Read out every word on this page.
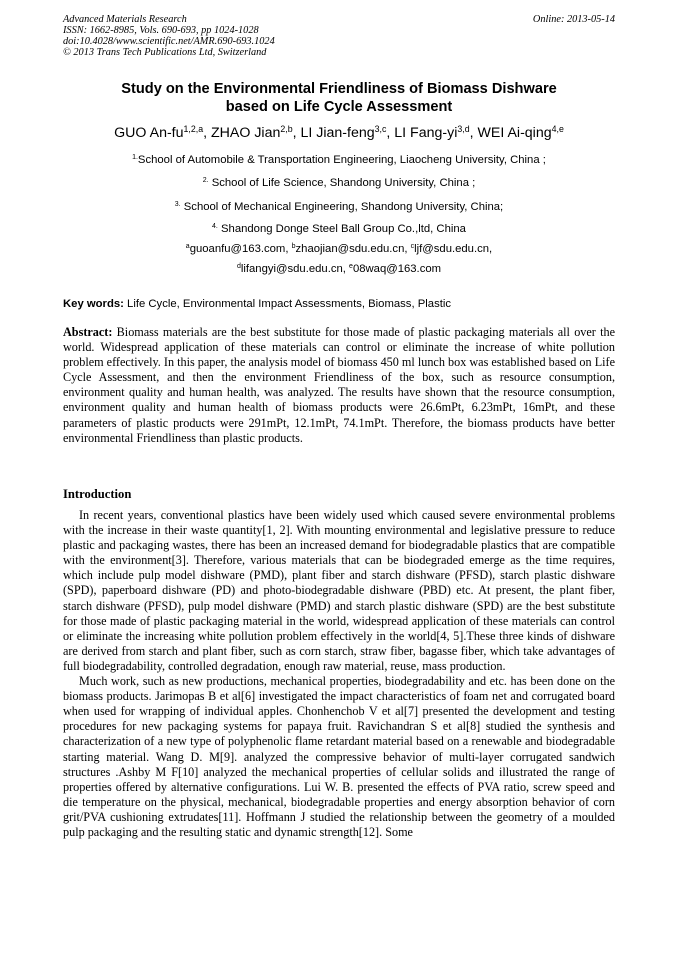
Advanced Materials Research
ISSN: 1662-8985, Vols. 690-693, pp 1024-1028
doi:10.4028/www.scientific.net/AMR.690-693.1024
© 2013 Trans Tech Publications Ltd, Switzerland
Online: 2013-05-14
Study on the Environmental Friendliness of Biomass Dishware
based on Life Cycle Assessment
GUO An-fu$^{1,2,a}$, ZHAO Jian$^{2,b}$, LI Jian-feng$^{3,c}$, LI Fang-yi$^{3,d}$, WEI Ai-qing$^{4,e}$
$^{1.}$School of Automobile & Transportation Engineering, Liaocheng University, China ;
$^{2.}$ School of Life Science, Shandong University, China ;
$^{3.}$ School of Mechanical Engineering, Shandong University, China;
$^{4.}$ Shandong Donge Steel Ball Group Co.,ltd, China
$^a$guoanfu@163.com, $^b$zhaojian@sdu.edu.cn, $^c$ljf@sdu.edu.cn,
$^d$lifangyi@sdu.edu.cn, $^e$08waq@163.com
Key words: Life Cycle, Environmental Impact Assessments, Biomass, Plastic

Abstract: Biomass materials are the best substitute for those made of plastic packaging materials all over the world. Widespread application of these materials can control or eliminate the increase of white pollution problem effectively. In this paper, the analysis model of biomass 450 ml lunch box was established based on Life Cycle Assessment, and then the environment Friendliness of the box, such as resource consumption, environment quality and human health, was analyzed. The results have shown that the resource consumption, environment quality and human health of biomass products were 26.6mPt, 6.23mPt, 16mPt, and these parameters of plastic products were 291mPt, 12.1mPt, 74.1mPt. Therefore, the biomass products have better environmental Friendliness than plastic products.

Introduction

In recent years, conventional plastics have been widely used which caused severe environmental problems with the increase in their waste quantity[1, 2]. With mounting environmental and legislative pressure to reduce plastic and packaging wastes, there has been an increased demand for biodegradable plastics that are compatible with the environment[3]. Therefore, various materials that can be biodegraded emerge as the time requires, which include pulp model dishware (PMD), plant fiber and starch dishware (PFSD), starch plastic dishware (SPD), paperboard dishware (PD) and photo-biodegradable dishware (PBD) etc. At present, the plant fiber, starch dishware (PFSD), pulp model dishware (PMD) and starch plastic dishware (SPD) are the best substitute for those made of plastic packaging material in the world, widespread application of these materials can control or eliminate the increasing white pollution problem effectively in the world[4, 5].These three kinds of dishware are derived from starch and plant fiber, such as corn starch, straw fiber, bagasse fiber, which take advantages of full biodegradability, controlled degradation, enough raw material, reuse, mass production.

Much work, such as new productions, mechanical properties, biodegradability and etc. has been done on the biomass products. Jarimopas B et al[6] investigated the impact characteristics of foam net and corrugated board when used for wrapping of individual apples. Chonhenchob V et al[7] presented the development and testing procedures for new packaging systems for papaya fruit. Ravichandran S et al[8] studied the synthesis and characterization of a new type of polyphenolic flame retardant material based on a renewable and biodegradable starting material. Wang D. M[9]. analyzed the compressive behavior of multi-layer corrugated sandwich structures .Ashby M F[10] analyzed the mechanical properties of cellular solids and illustrated the range of properties offered by alternative configurations. Lui W. B. presented the effects of PVA ratio, screw speed and die temperature on the physical, mechanical, biodegradable properties and energy absorption behavior of corn grit/PVA cushioning extrudates[11]. Hoffmann J studied the relationship between the geometry of a moulded pulp packaging and the resulting static and dynamic strength[12]. Some
